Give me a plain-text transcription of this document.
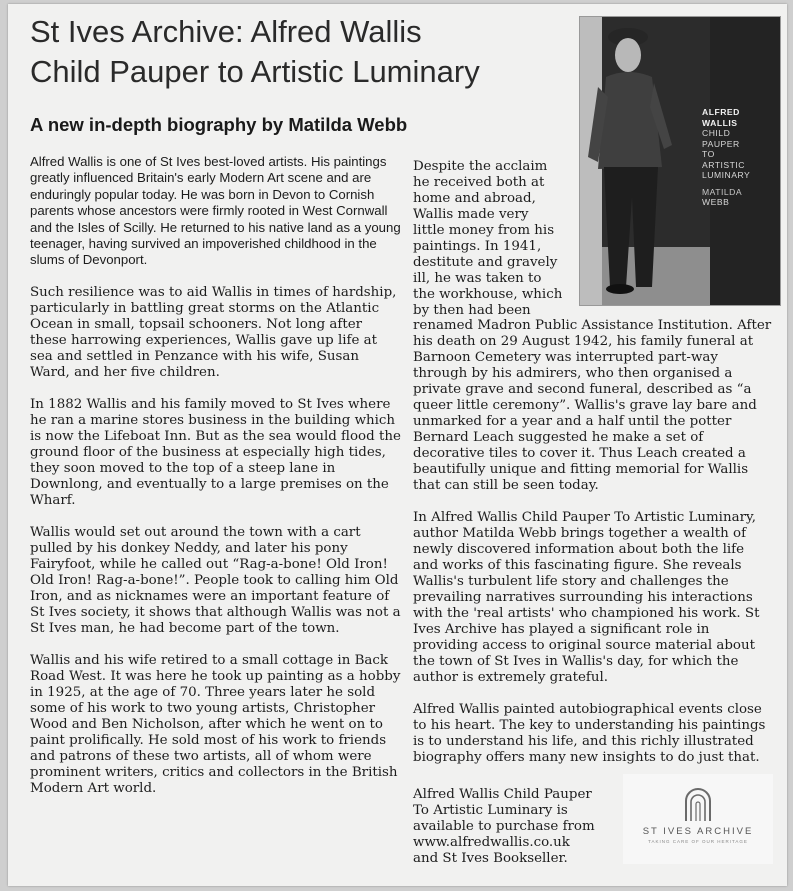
St Ives Archive: Alfred Wallis
Child Pauper to Artistic Luminary
A new in-depth biography by Matilda Webb

Alfred Wallis is one of St Ives best-loved artists. His paintings greatly influenced Britain's early Modern Art scene and are enduringly popular today. He was born in Devon to Cornish parents whose ancestors were firmly rooted in West Cornwall and the Isles of Scilly. He returned to his native land as a young teenager, having survived an impoverished childhood in the slums of Devonport.

Such resilience was to aid Wallis in times of hardship, particularly in battling great storms on the Atlantic Ocean in small, topsail schooners. Not long after these harrowing experiences, Wallis gave up life at sea and settled in Penzance with his wife, Susan Ward, and her five children.

In 1882 Wallis and his family moved to St Ives where he ran a marine stores business in the building which is now the Lifeboat Inn. But as the sea would flood the ground floor of the business at especially high tides, they soon moved to the top of a steep lane in Downlong, and eventually to a large premises on the Wharf.

Wallis would set out around the town with a cart pulled by his donkey Neddy, and later his pony Fairyfoot, while he called out “Rag-a-bone! Old Iron! Old Iron! Rag-a-bone!”. People took to calling him Old Iron, and as nicknames were an important feature of St Ives society, it shows that although Wallis was not a St Ives man, he had become part of the town.

Wallis and his wife retired to a small cottage in Back Road West. It was here he took up painting as a hobby in 1925, at the age of 70. Three years later he sold some of his work to two young artists, Christopher Wood and Ben Nicholson, after which he went on to paint prolifically. He sold most of his work to friends and patrons of these two artists, all of whom were prominent writers, critics and collectors in the British Modern Art world.

Despite the acclaim
he received both at
home and abroad,
Wallis made very
little money from his
paintings. In 1941,
destitute and gravely
ill, he was taken to
the workhouse, which
by then had been

renamed Madron Public Assistance Institution. After his death on 29 August 1942, his family funeral at Barnoon Cemetery was interrupted part-way through by his admirers, who then organised a private grave and second funeral, described as “a queer little ceremony”. Wallis's grave lay bare and unmarked for a year and a half until the potter Bernard Leach suggested he make a set of decorative tiles to cover it. Thus Leach created a beautifully unique and fitting memorial for Wallis that can still be seen today.

In Alfred Wallis Child Pauper To Artistic Luminary, author Matilda Webb brings together a wealth of newly discovered information about both the life and works of this fascinating figure. She reveals Wallis's turbulent life story and challenges the prevailing narratives surrounding his interactions with the 'real artists' who championed his work. St Ives Archive has played a significant role in providing access to original source material about the town of St Ives in Wallis's day, for which the author is extremely grateful.

Alfred Wallis painted autobiographical events close to his heart. The key to understanding his paintings is to understand his life, and this richly illustrated biography offers many new insights to do just that.

Alfred Wallis Child Pauper
To Artistic Luminary is
available to purchase from
www.alfredwallis.co.uk
and St Ives Bookseller.
ALFRED
WALLIS
CHILD
PAUPER
TO
ARTISTIC
LUMINARY
MATILDA
WEBB
ST IVES ARCHIVE
TAKING CARE OF OUR HERITAGE
